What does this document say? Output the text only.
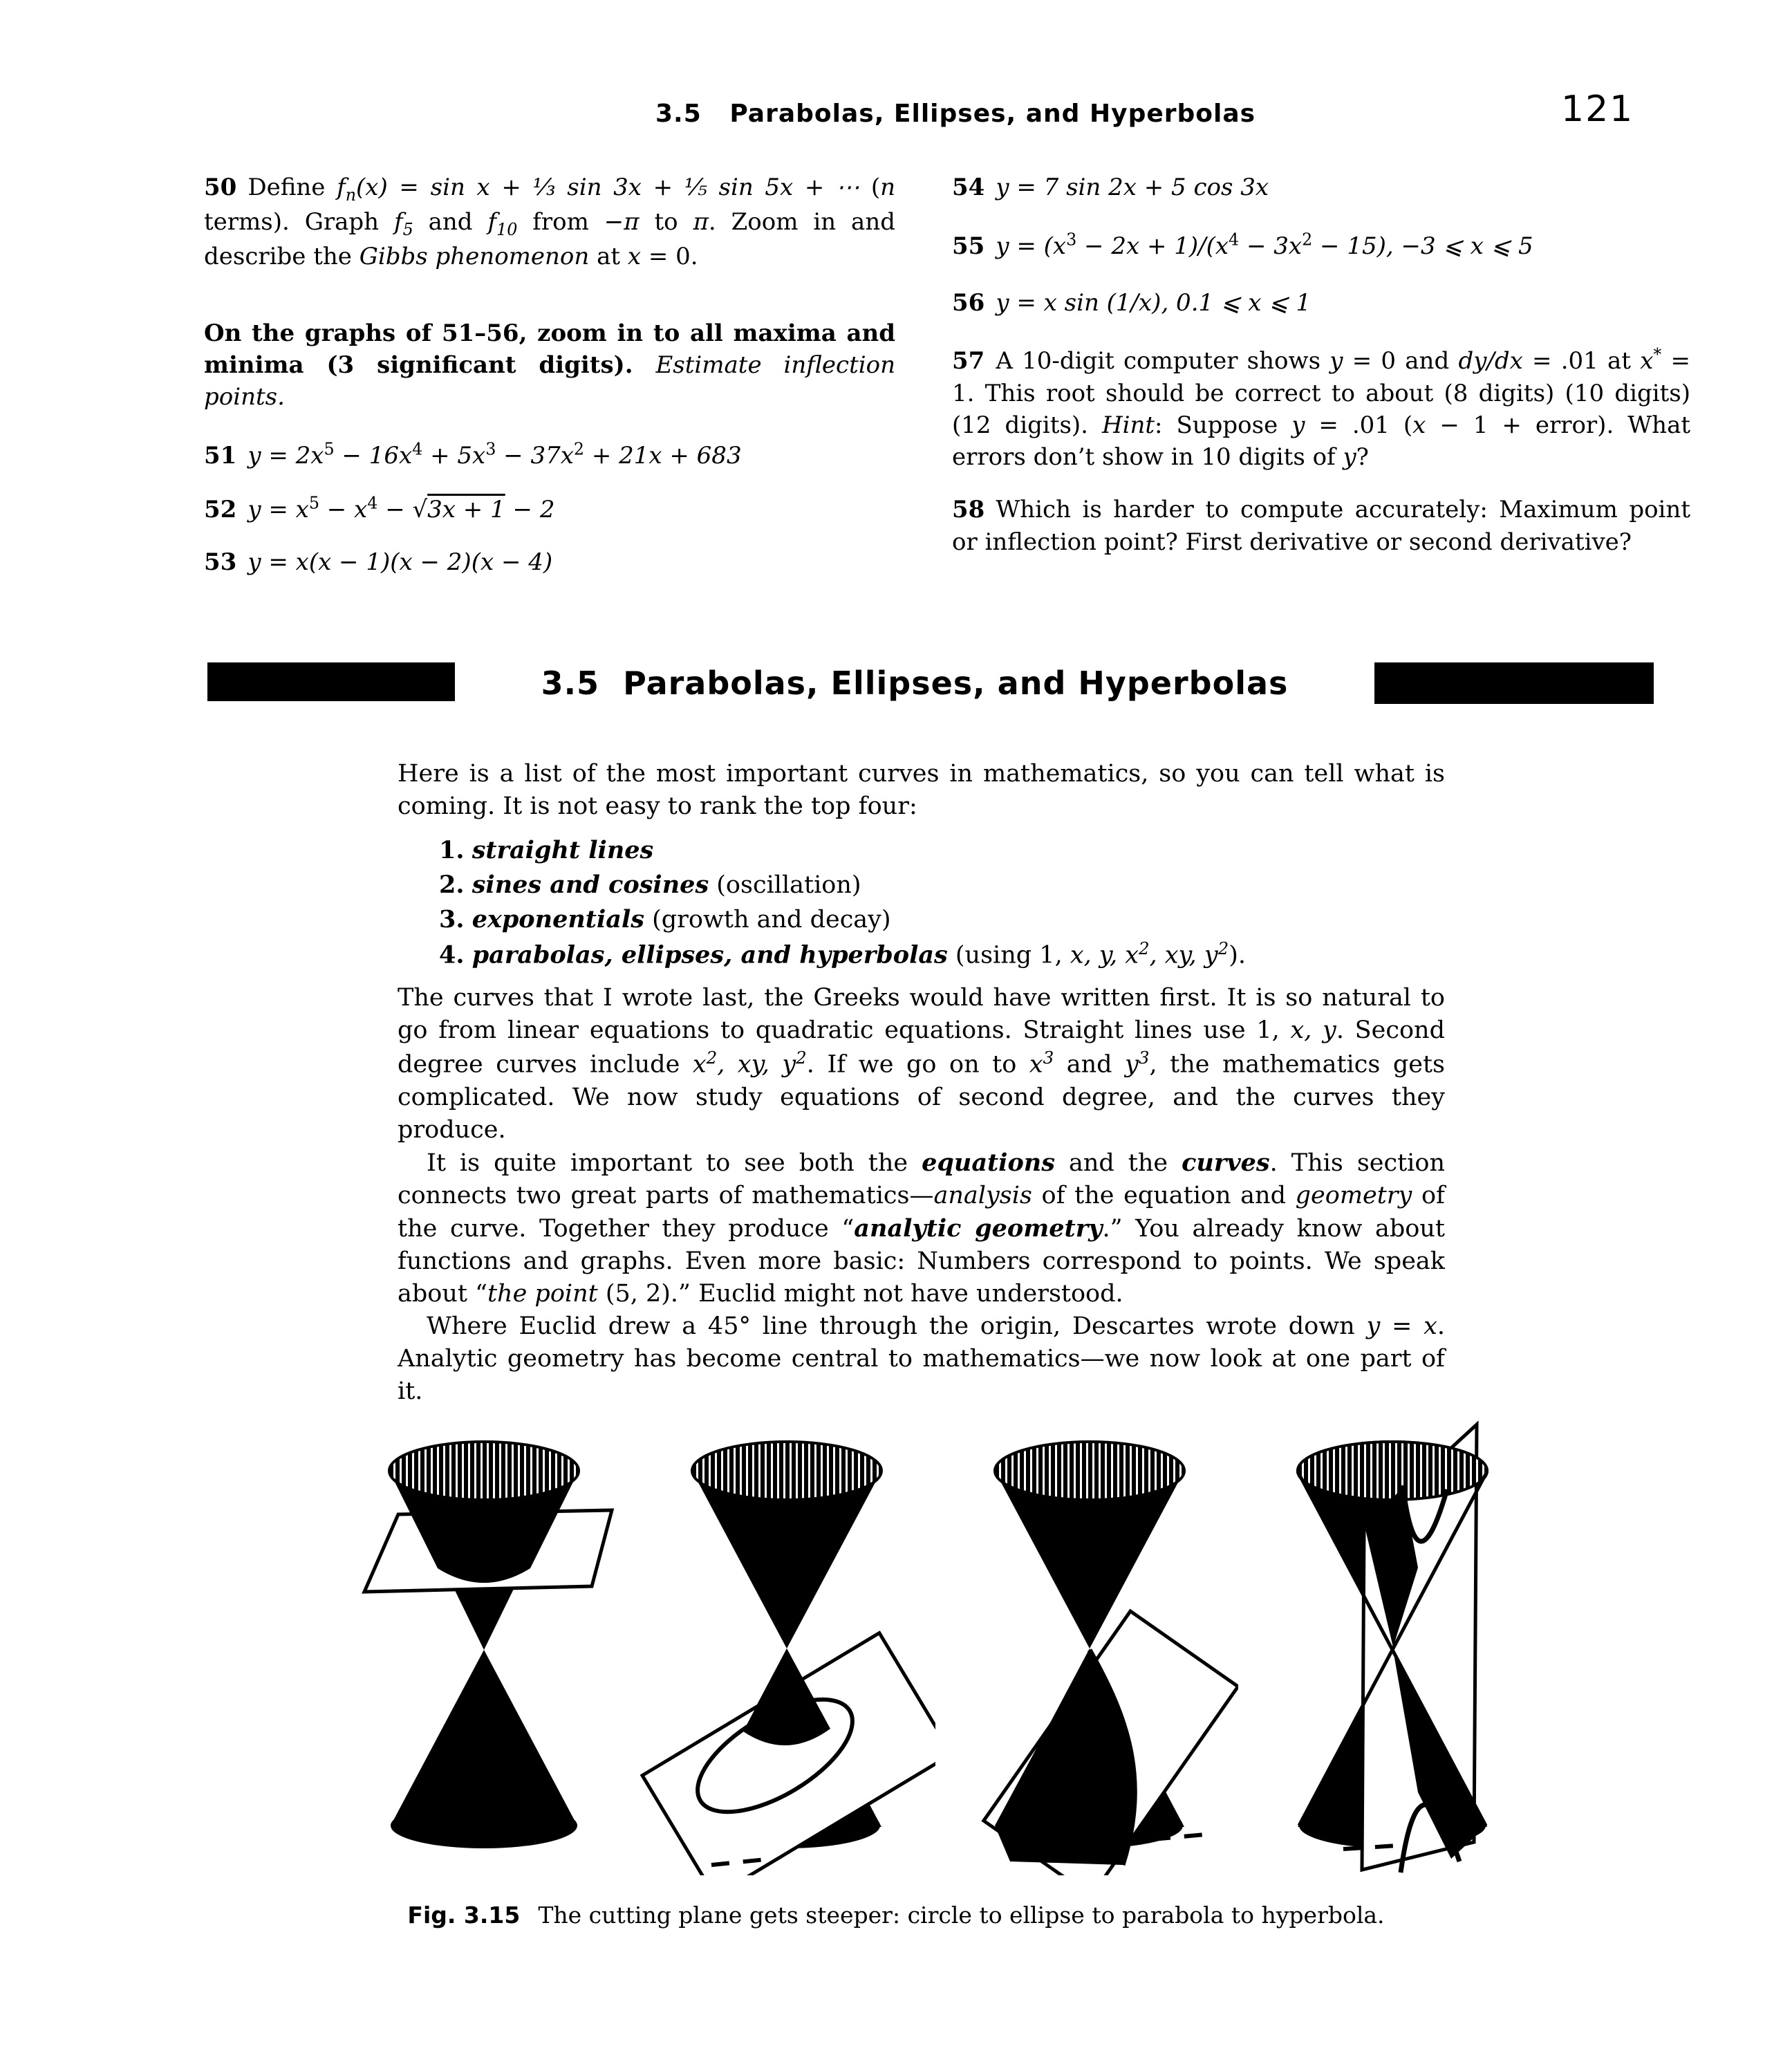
3.5   Parabolas, Ellipses, and Hyperbolas	121

50 Define $f_n(x) = \sin x$ + ⅓ sin 3x + ⅕ sin 5x + ⋯ (n terms). Graph $f_5$ and $f_{10}$ from −π to π. Zoom in and describe the Gibbs phenomenon at x = 0.

On the graphs of 51–56, zoom in to all maxima and minima (3 significant digits). Estimate inflection points.

51 $y = 2x^5 - 16x^4 + 5x^3 - 37x^2 + 21x + 683$

52 $y = x^5 - x^4 - √3x + 1 - 2$

53 y = x(x − 1)(x − 2)(x − 4)

54 y = 7 sin 2x + 5 cos 3x

55 $y = (x^3 - 2x + 1)/(x^4 - 3x^2 - 15)$, −3 ⩽ x ⩽ 5

56 y = x sin (1/x), 0.1 ⩽ x ⩽ 1

57 A 10-digit computer shows y = 0 and dy/dx = .01 at x* = 1. This root should be correct to about (8 digits) (10 digits) (12 digits). Hint: Suppose y = .01 (x − 1 + error). What errors don’t show in 10 digits of y?

58 Which is harder to compute accurately: Maximum point or inflection point? First derivative or second derivative?

3.5  Parabolas, Ellipses, and Hyperbolas

Here is a list of the most important curves in mathematics, so you can tell what is coming. It is not easy to rank the top four:

1. straight lines
2. sines and cosines (oscillation)
3. exponentials (growth and decay)
4. parabolas, ellipses, and hyperbolas (using 1, x, y, $x^2$, xy, $y^2$).

The curves that I wrote last, the Greeks would have written first. It is so natural to go from linear equations to quadratic equations. Straight lines use 1, x, y. Second degree curves include $x^2$, xy, $y^2$. If we go on to $x^3$ and $y^3$, the mathematics gets complicated. We now study equations of second degree, and the curves they produce.

It is quite important to see both the equations and the curves. This section connects two great parts of mathematics—analysis of the equation and geometry of the curve. Together they produce “analytic geometry.” You already know about functions and graphs. Even more basic: Numbers correspond to points. We speak about “the point (5, 2).” Euclid might not have understood.

Where Euclid drew a 45° line through the origin, Descartes wrote down y = x. Analytic geometry has become central to mathematics—we now look at one part of it.

Fig. 3.15 The cutting plane gets steeper: circle to ellipse to parabola to hyperbola.
